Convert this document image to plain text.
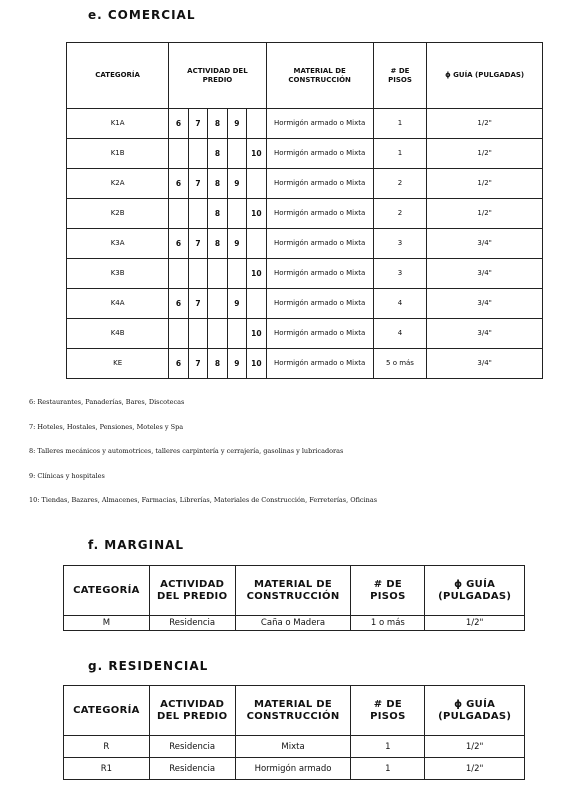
e. COMERCIAL
CATEGORÍA	ACTIVIDAD DEL PREDIO					MATERIAL DE CONSTRUCCIÓN	# DE PISOS	ɸ GUÍA (PULGADAS)
K1A	6	7	8	9		Hormigón armado o Mixta	1	1/2"
K1B			8		10	Hormigón armado o Mixta	1	1/2"
K2A	6	7	8	9		Hormigón armado o Mixta	2	1/2"
K2B			8		10	Hormigón armado o Mixta	2	1/2"
K3A	6	7	8	9		Hormigón armado o Mixta	3	3/4"
K3B					10	Hormigón armado o Mixta	3	3/4"
K4A	6	7		9		Hormigón armado o Mixta	4	3/4"
K4B					10	Hormigón armado o Mixta	4	3/4"
KE	6	7	8	9	10	Hormigón armado o Mixta	5 o más	3/4"
6: Restaurantes, Panaderías, Bares, Discotecas
7: Hoteles, Hostales, Pensiones, Moteles y Spa
8: Talleres mecánicos y automotrices, talleres carpintería y cerrajería, gasolinas y lubricadoras
9: Clínicas y hospitales
10: Tiendas, Bazares, Almacenes, Farmacias, Librerías, Materiales de Construcción, Ferreterías, Oficinas
f. MARGINAL
CATEGORÍA	ACTIVIDAD DEL PREDIO	MATERIAL DE CONSTRUCCIÓN	# DE PISOS	ɸ GUÍA (PULGADAS)
M	Residencia	Caña o Madera	1 o más	1/2"
g. RESIDENCIAL
CATEGORÍA	ACTIVIDAD DEL PREDIO	MATERIAL DE CONSTRUCCIÓN	# DE PISOS	ɸ GUÍA (PULGADAS)
R	Residencia	Mixta	1	1/2"
R1	Residencia	Hormigón armado	1	1/2"
